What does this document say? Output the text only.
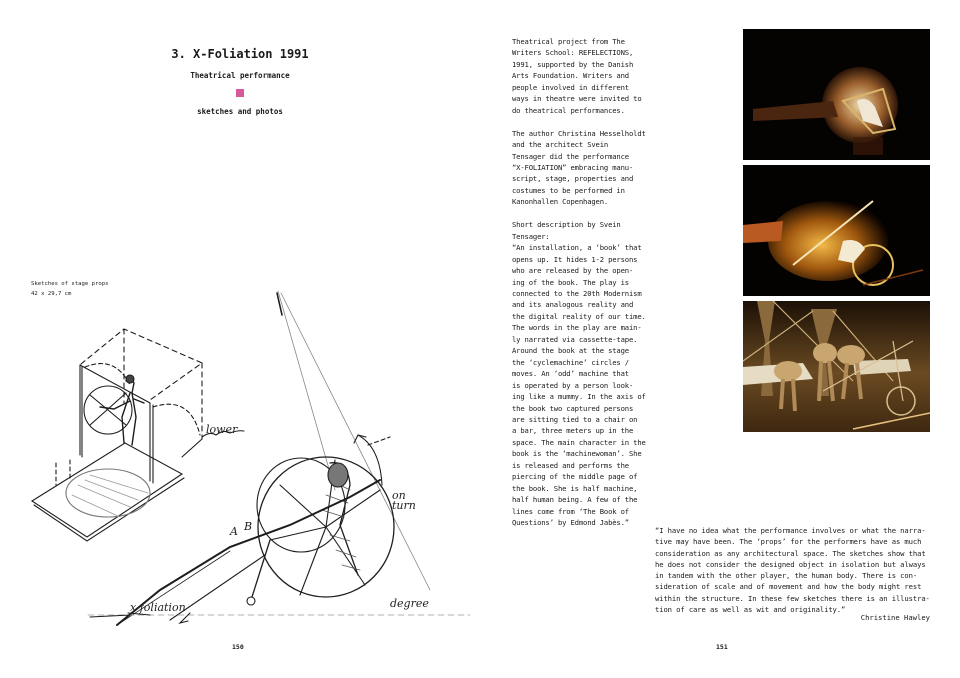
3. X-Foliation 1991
Theatrical performance
sketches and photos
Sketches of stage props
42 x 29,7 cm
A B
x-foliation	degree
on
turn
lower
150
Theatrical project from The
Writers School: REFELECTIONS,
1991, supported by the Danish
Arts Foundation. Writers and
people involved in different
ways in theatre were invited to
do theatrical performances.

The author Christina Hesselholdt
and the architect Svein
Tensager did the performance
“X-FOLIATION” embracing manu-
script, stage, properties and
costumes to be performed in
Kanonhallen Copenhagen.

Short description by Svein
Tensager:
“An installation, a ‘book’ that
opens up. It hides 1-2 persons
who are released by the open-
ing of the book. The play is
connected to the 20th Modernism
and its analogous reality and
the digital reality of our time.
The words in the play are main-
ly narrated via cassette-tape.
Around the book at the stage
the ‘cyclemachine’ circles /
moves. An ‘odd’ machine that
is operated by a person look-
ing like a mummy. In the axis of
the book two captured persons
are sitting tied to a chair on
a bar, three meters up in the
space. The main character in the
book is the ‘machinewoman’. She
is released and performs the
piercing of the middle page of
the book. She is half machine,
half human being. A few of the
lines come from ‘The Book of
Questions’ by Edmond Jabès.”
“I have no idea what the performance involves or what the narra-
tive may have been. The ‘props’ for the performers have as much
consideration as any architectural space. The sketches show that
he does not consider the designed object in isolation but always
in tandem with the other player, the human body. There is con-
sideration of scale and of movement and how the body might rest
within the structure. In these few sketches there is an illustra-
tion of care as well as wit and originality.”
Christine Hawley
151
